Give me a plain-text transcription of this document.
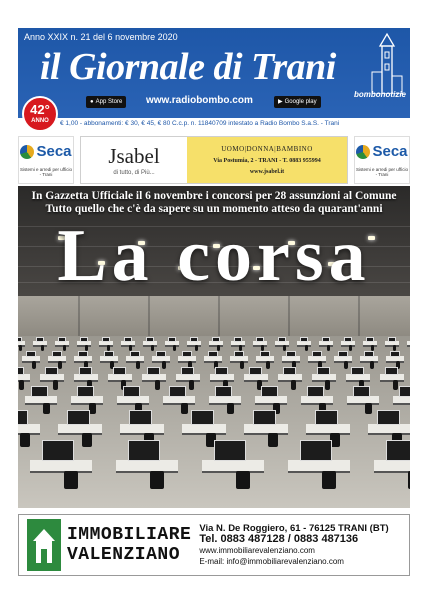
Anno XXIX n. 21 del 6 novembre 2020
il Giornale di Trani
● App Store www.radiobombo.com	▶ Google play
bombonotizie
42°
ANNO	€ 1,00 - abbonamenti: € 30, € 45, € 80 C.c.p. n. 11840709 intestato a Radio Bombo S.a.S. - Trani
Seca
Sistemi e arredi per ufficio - Trani
Jsabel
di tutto, di Più...
UOMO|DONNA|BAMBINO
Via Postumia, 2 - TRANI - T. 0883 955994
www.jsabel.it
Seca
Sistemi e arredi per ufficio - Trani
In Gazzetta Ufficiale il 6 novembre i concorsi per 28 assunzioni al Comune
Tutto quello che c'è da sapere su un momento atteso da quarant'anni
La corsa
IMMOBILIARE
VALENZIANO
Via N. De Roggiero, 61 - 76125 TRANI (BT)
Tel. 0883 487128 / 0883 487136
www.immobiliarevalenziano.com
E-mail: info@immobiliarevalenziano.com
